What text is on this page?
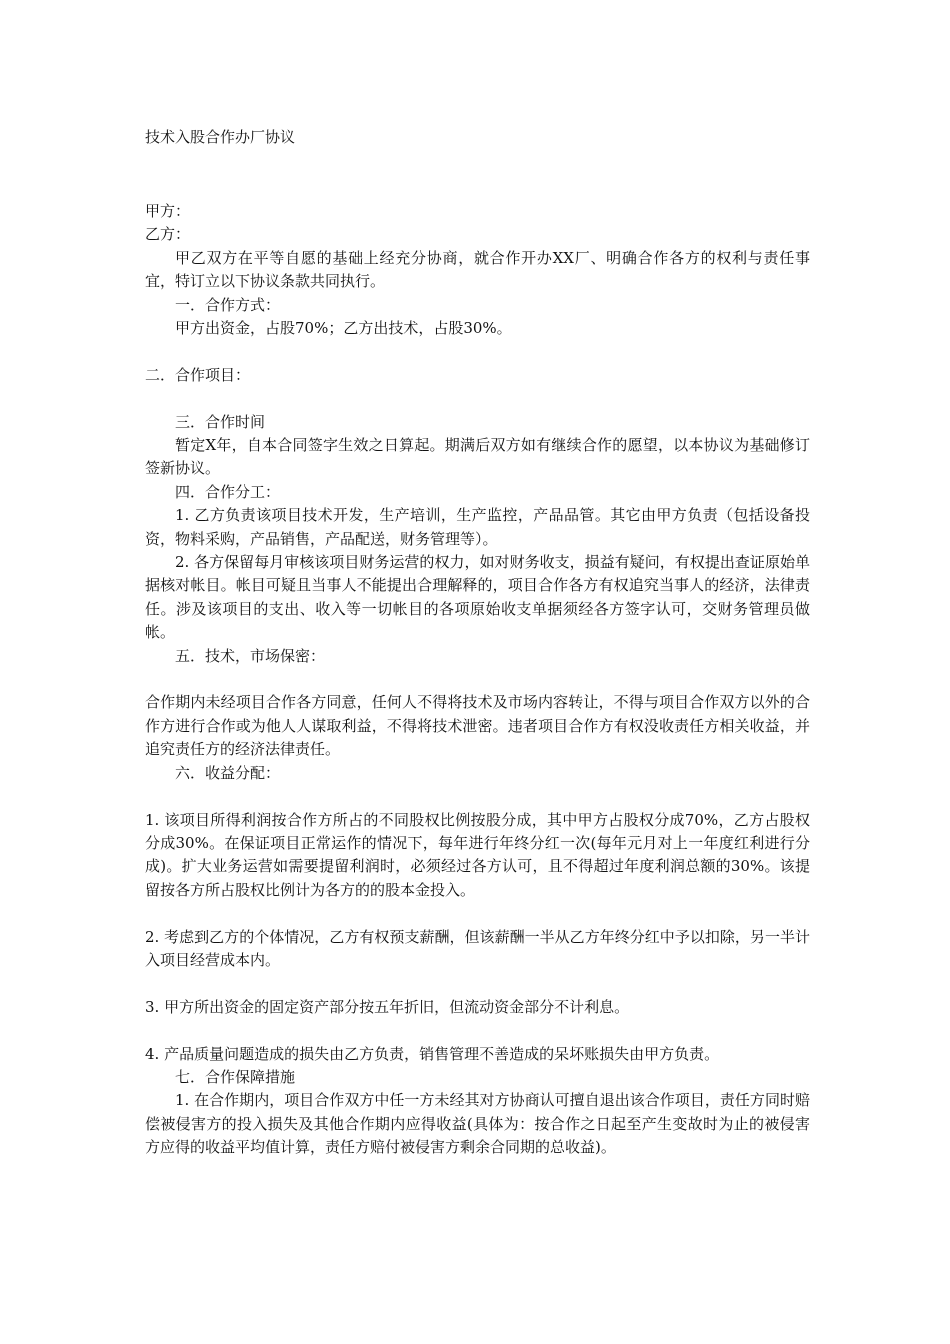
技术入股合作办厂协议

甲方：

乙方：

甲乙双方在平等自愿的基础上经充分协商，就合作开办XX厂、明确合作各方的权利与责任事宜，特订立以下协议条款共同执行。

一．合作方式：

甲方出资金，占股70%；乙方出技术，占股30%。

二．合作项目：

三．合作时间

暂定X年，自本合同签字生效之日算起。期满后双方如有继续合作的愿望，以本协议为基础修订签新协议。

四．合作分工：

1. 乙方负责该项目技术开发，生产培训，生产监控，产品品管。其它由甲方负责（包括设备投资，物料采购，产品销售，产品配送，财务管理等）。

2. 各方保留每月审核该项目财务运营的权力，如对财务收支，损益有疑问，有权提出查证原始单据核对帐目。帐目可疑且当事人不能提出合理解释的，项目合作各方有权追究当事人的经济，法律责任。涉及该项目的支出、收入等一切帐目的各项原始收支单据须经各方签字认可，交财务管理员做帐。

五．技术，市场保密：

合作期内未经项目合作各方同意，任何人不得将技术及市场内容转让，不得与项目合作双方以外的合作方进行合作或为他人人谋取利益，不得将技术泄密。违者项目合作方有权没收责任方相关收益，并追究责任方的经济法律责任。

六．收益分配：

1. 该项目所得利润按合作方所占的不同股权比例按股分成，其中甲方占股权分成70%，乙方占股权分成30%。在保证项目正常运作的情况下，每年进行年终分红一次(每年元月对上一年度红利进行分成)。扩大业务运营如需要提留利润时，必须经过各方认可，且不得超过年度利润总额的30%。该提留按各方所占股权比例计为各方的的股本金投入。

2. 考虑到乙方的个体情况，乙方有权预支薪酬，但该薪酬一半从乙方年终分红中予以扣除，另一半计入项目经营成本内。

3. 甲方所出资金的固定资产部分按五年折旧，但流动资金部分不计利息。

4. 产品质量问题造成的损失由乙方负责，销售管理不善造成的呆坏账损失由甲方负责。

七．合作保障措施

1. 在合作期内，项目合作双方中任一方未经其对方协商认可擅自退出该合作项目，责任方同时赔偿被侵害方的投入损失及其他合作期内应得收益(具体为：按合作之日起至产生变故时为止的被侵害方应得的收益平均值计算，责任方赔付被侵害方剩余合同期的总收益)。
